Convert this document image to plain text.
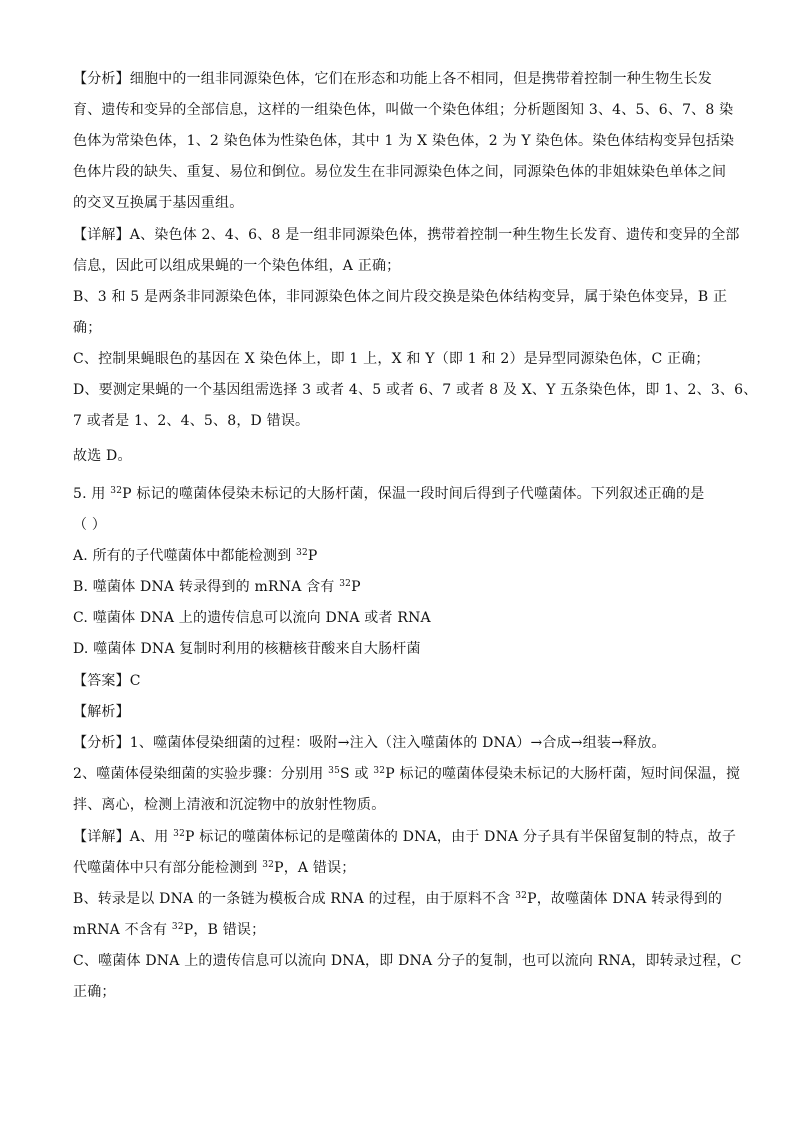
【分析】细胞中的一组非同源染色体，它们在形态和功能上各不相同，但是携带着控制一种生物生长发
育、遗传和变异的全部信息，这样的一组染色体，叫做一个染色体组；分析题图知 3、4、5、6、7、8 染
色体为常染色体，1、2 染色体为性染色体，其中 1 为 X 染色体，2 为 Y 染色体。染色体结构变异包括染
色体片段的缺失、重复、易位和倒位。易位发生在非同源染色体之间，同源染色体的非姐妹染色单体之间
的交叉互换属于基因重组。
【详解】A、染色体 2、4、6、8 是一组非同源染色体，携带着控制一种生物生长发育、遗传和变异的全部
信息，因此可以组成果蝇的一个染色体组，A 正确；
B、3 和 5 是两条非同源染色体，非同源染色体之间片段交换是染色体结构变异，属于染色体变异，B 正
确；
C、控制果蝇眼色的基因在 X 染色体上，即 1 上，X 和 Y（即 1 和 2）是异型同源染色体，C 正确；
D、要测定果蝇的一个基因组需选择 3 或者 4、5 或者 6、7 或者 8 及 X、Y 五条染色体，即 1、2、3、6、
7 或者是 1、2、4、5、8，D 错误。
故选 D。
5. 用 $^{32}$P 标记的噬菌体侵染未标记的大肠杆菌，保温一段时间后得到子代噬菌体。下列叙述正确的是
（ ）
A. 所有的子代噬菌体中都能检测到 $^{32}$P
B. 噬菌体 DNA 转录得到的 mRNA 含有 $^{32}$P
C. 噬菌体 DNA 上的遗传信息可以流向 DNA 或者 RNA
D. 噬菌体 DNA 复制时利用的核糖核苷酸来自大肠杆菌
【答案】C
【解析】
【分析】1、噬菌体侵染细菌的过程：吸附→注入（注入噬菌体的 DNA）→合成→组装→释放。
2、噬菌体侵染细菌的实验步骤：分别用 $^{35}$S 或 $^{32}$P 标记的噬菌体侵染未标记的大肠杆菌，短时间保温，搅
拌、离心，检测上清液和沉淀物中的放射性物质。
【详解】A、用 $^{32}$P 标记的噬菌体标记的是噬菌体的 DNA，由于 DNA 分子具有半保留复制的特点，故子
代噬菌体中只有部分能检测到 $^{32}$P，A 错误；
B、转录是以 DNA 的一条链为模板合成 RNA 的过程，由于原料不含 $^{32}$P，故噬菌体 DNA 转录得到的
mRNA 不含有 $^{32}$P，B 错误；
C、噬菌体 DNA 上的遗传信息可以流向 DNA，即 DNA 分子的复制，也可以流向 RNA，即转录过程，C
正确；
